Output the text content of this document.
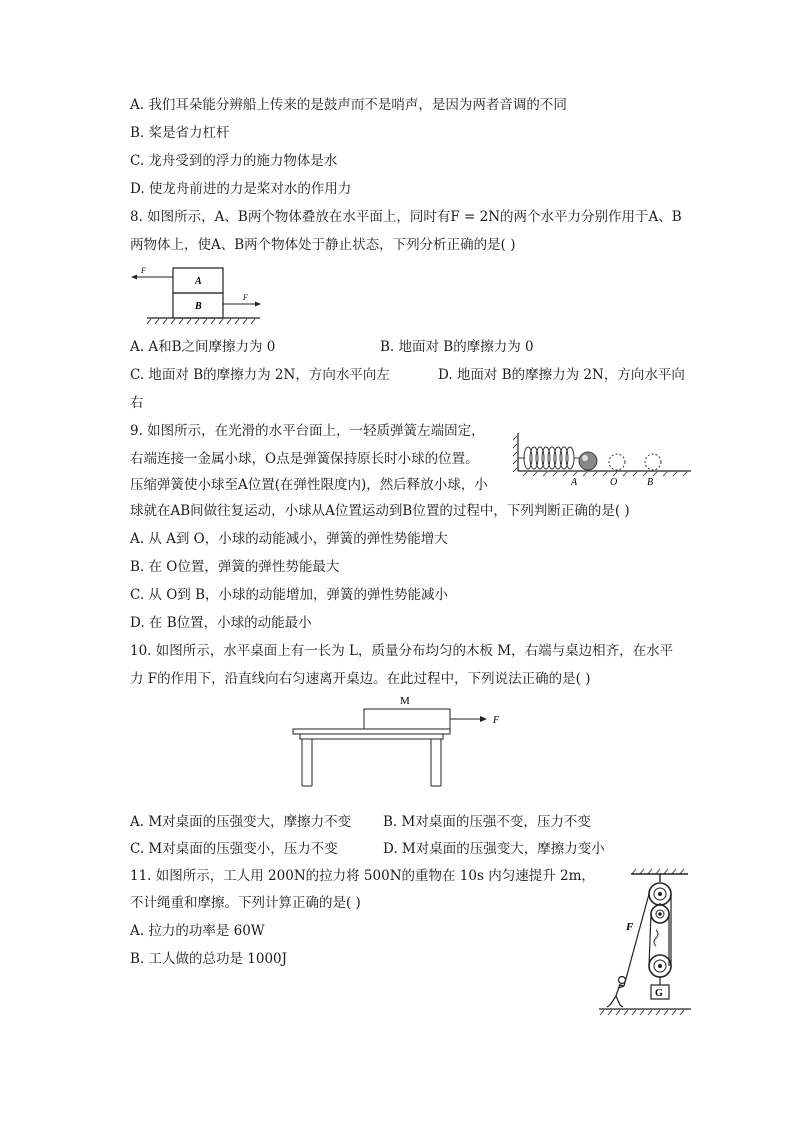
A. 我们耳朵能分辨船上传来的是鼓声而不是哨声，是因为两者音调的不同
B. 桨是省力杠杆
C. 龙舟受到的浮力的施力物体是水
D. 使龙舟前进的力是桨对水的作用力
8. 如图所示，A、B两个物体叠放在水平面上，同时有F = 2N的两个水平力分别作用于A、B
两物体上，使A、B两个物体处于静止状态，下列分析正确的是( )
A
B
F
F
A. A和B之间摩擦力为 0	B. 地面对 B的摩擦力为 0
C. 地面对 B的摩擦力为 2N，方向水平向左	D. 地面对 B的摩擦力为 2N，方向水平向
右
9. 如图所示，在光滑的水平台面上，一轻质弹簧左端固定，
右端连接一金属小球，O点是弹簧保持原长时小球的位置。
压缩弹簧使小球至A位置(在弹性限度内)，然后释放小球，小
球就在AB间做往复运动，小球从A位置运动到B位置的过程中，下列判断正确的是( )
A	O	B
A. 从 A到 O，小球的动能减小，弹簧的弹性势能增大
B. 在 O位置，弹簧的弹性势能最大
C. 从 O到 B，小球的动能增加，弹簧的弹性势能减小
D. 在 B位置，小球的动能最小
10. 如图所示，水平桌面上有一长为 L，质量分布均匀的木板 M，右端与桌边相齐，在水平
力 F的作用下，沿直线向右匀速离开桌边。在此过程中，下列说法正确的是( )
M
F
A. M对桌面的压强变大，摩擦力不变 B. M对桌面的压强不变，压力不变
C. M对桌面的压强变小，压力不变	D. M对桌面的压强变大，摩擦力变小
11. 如图所示，工人用 200N的拉力将 500N的重物在 10s 内匀速提升 2m，
不计绳重和摩擦。下列计算正确的是( )
A. 拉力的功率是 60W
B. 工人做的总功是 1000J
F
G
